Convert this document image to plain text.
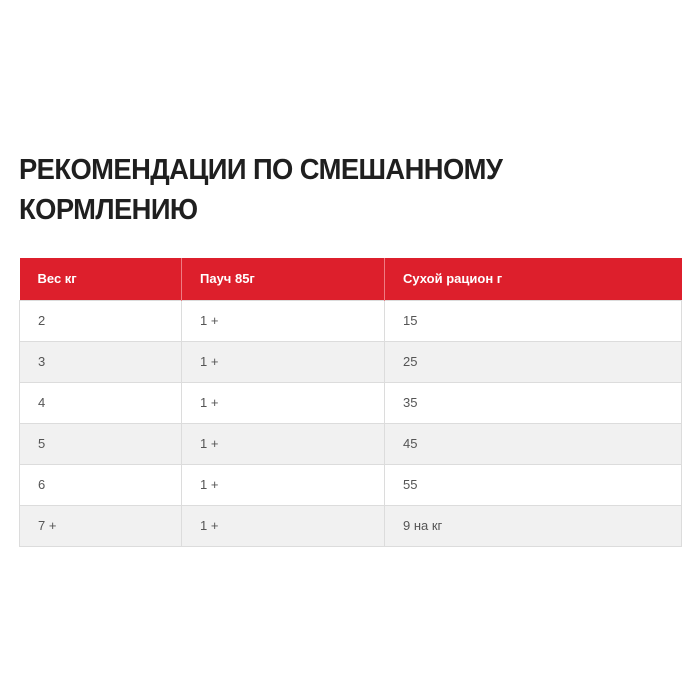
РЕКОМЕНДАЦИИ ПО СМЕШАННОМУ
КОРМЛЕНИЮ
Вес кг	Пауч 85г	Сухой рацион г
2	1 +	15
3	1 +	25
4	1 +	35
5	1 +	45
6	1 +	55
7 +	1 +	9 на кг
